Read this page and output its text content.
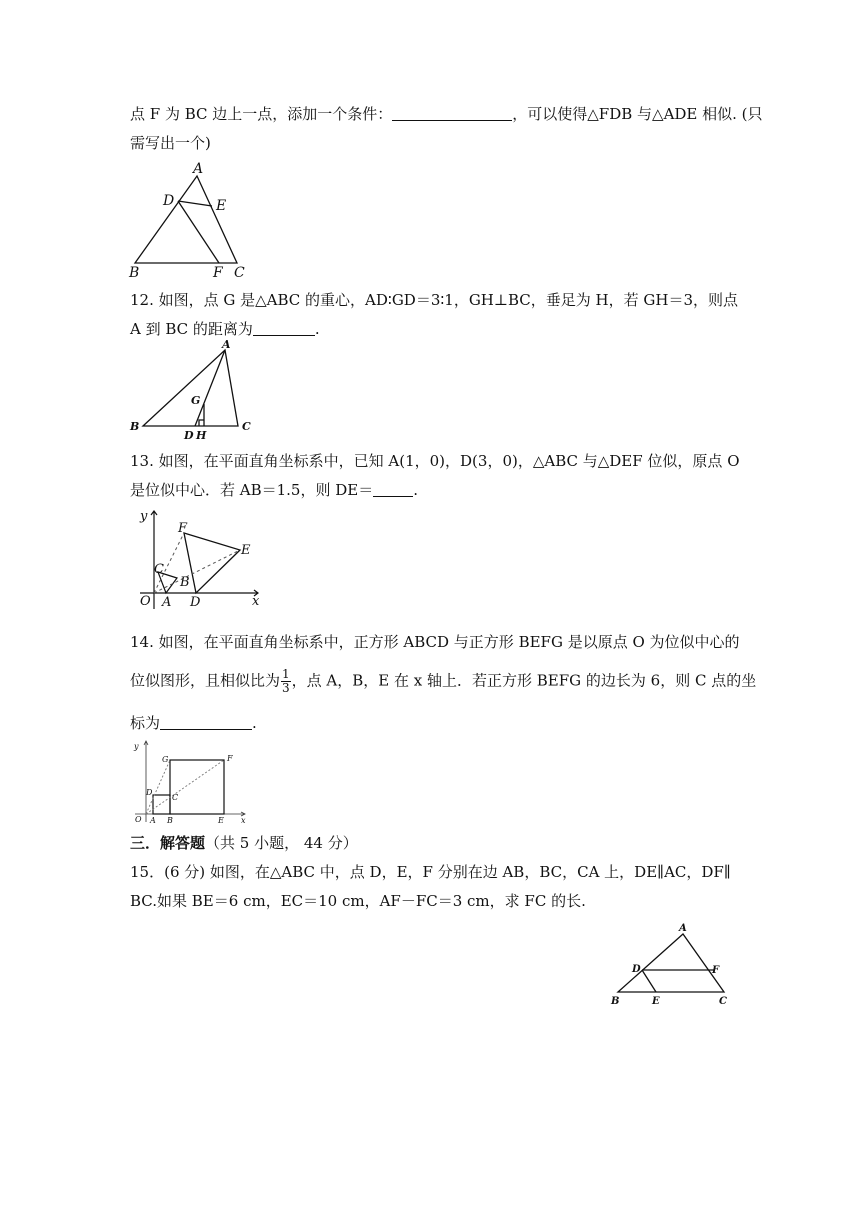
点 F 为 BC 边上一点，添加一个条件：	，可以使得△FDB 与△ADE 相似. (只
需写出一个)
A
D	E
B	F C
12. 如图，点 G 是△ABC 的重心，AD∶GD＝3∶1，GH⊥BC，垂足为 H，若 GH＝3，则点
A 到 BC 的距离为	.
A
B	C
G
D H
13. 如图，在平面直角坐标系中，已知 A(1，0)，D(3，0)，△ABC 与△DEF 位似，原点 O
是位似中心．若 AB＝1.5，则 DE＝	.
y
x
O A
B
C
D
E
F
14. 如图，在平面直角坐标系中，正方形 ABCD 与正方形 BEFG 是以原点 O 为位似中心的
位似图形，且相似比为 $\frac{1}{3}$ ，点 A，B，E 在 x 轴上．若正方形 BEFG 的边长为 6，则 C 点的坐
标为	.
y
x
O A B	E
F
G
D
C
三．解答题（共 5 小题， 44 分）
15．(6 分) 如图，在△ABC 中，点 D，E，F 分别在边 AB，BC，CA 上，DE∥AC，DF∥
BC.如果 BE＝6 cm，EC＝10 cm，AF－FC＝3 cm，求 FC 的长.
A
D	F
B	E	C
